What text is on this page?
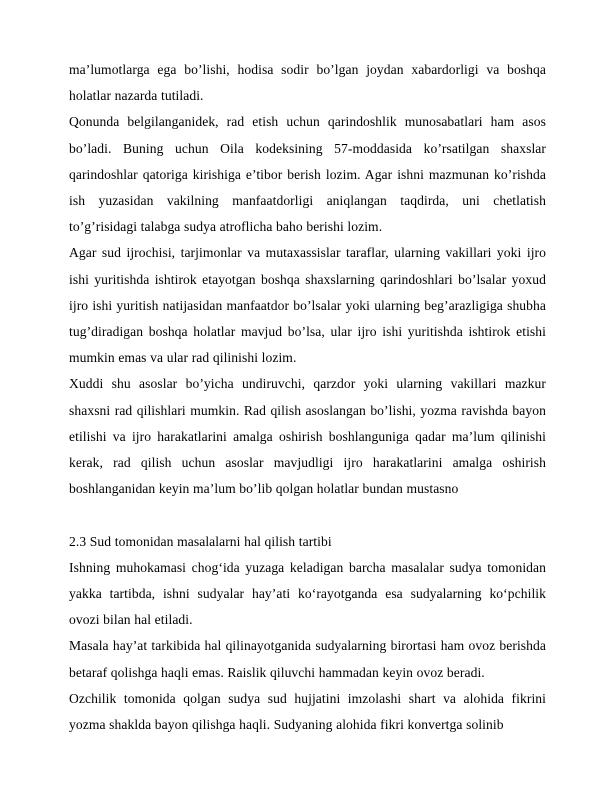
ma’lumotlarga ega bo’lishi, hodisa sodir bo’lgan joydan xabardorligi va boshqa holatlar nazarda tutiladi.

Qonunda belgilanganidek, rad etish uchun qarindoshlik munosabatlari ham asos bo’ladi. Buning uchun Oila kodeksining 57-moddasida ko’rsatilgan shaxslar qarindoshlar qatoriga kirishiga e’tibor berish lozim. Agar ishni mazmunan ko’rishda ish yuzasidan vakilning manfaatdorligi aniqlangan taqdirda, uni chetlatish to’g’risidagi talabga sudya atroflicha baho berishi lozim.

Agar sud ijrochisi, tarjimonlar va mutaxassislar taraflar, ularning vakillari yoki ijro ishi yuritishda ishtirok etayotgan boshqa shaxslarning qarindoshlari bo’lsalar yoxud ijro ishi yuritish natijasidan manfaatdor bo’lsalar yoki ularning beg’arazligiga shubha tug’diradigan boshqa holatlar mavjud bo’lsa, ular ijro ishi yuritishda ishtirok etishi mumkin emas va ular rad qilinishi lozim.

Xuddi shu asoslar bo’yicha undiruvchi, qarzdor yoki ularning vakillari mazkur shaxsni rad qilishlari mumkin. Rad qilish asoslangan bo’lishi, yozma ravishda bayon etilishi va ijro harakatlarini amalga oshirish boshlanguniga qadar ma’lum qilinishi kerak, rad qilish uchun asoslar mavjudligi ijro harakatlarini amalga oshirish boshlanganidan keyin ma’lum bo’lib qolgan holatlar bundan mustasno

2.3 Sud tomonidan masalalarni hal qilish tartibi

Ishning muhokamasi chogʻida yuzaga keladigan barcha masalalar sudya tomonidan yakka tartibda, ishni sudyalar hay’ati koʻrayotganda esa sudyalarning koʻpchilik ovozi bilan hal etiladi.

Masala hay’at tarkibida hal qilinayotganida sudyalarning birortasi ham ovoz berishda betaraf qolishga haqli emas. Raislik qiluvchi hammadan keyin ovoz beradi.

Ozchilik tomonida qolgan sudya sud hujjatini imzolashi shart va alohida fikrini yozma shaklda bayon qilishga haqli. Sudyaning alohida fikri konvertga solinib
